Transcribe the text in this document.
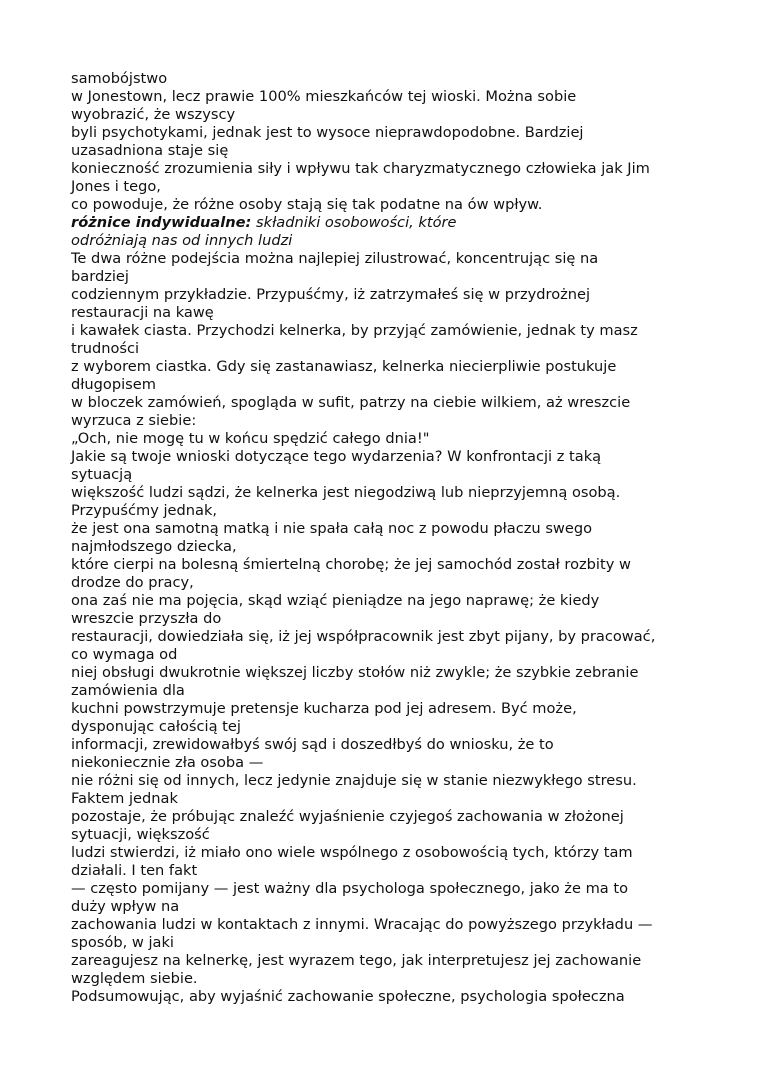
samobójstwo
w Jonestown, lecz prawie 100% mieszkańców tej wioski. Można sobie
wyobrazić, że wszyscy
byli psychotykami, jednak jest to wysoce nieprawdopodobne. Bardziej
uzasadniona staje się
konieczność zrozumienia siły i wpływu tak charyzmatycznego człowieka jak Jim
Jones i tego,
co powoduje, że różne osoby stają się tak podatne na ów wpływ.
różnice indywidualne: składniki osobowości, które
odróżniają nas od innych ludzi
Te dwa różne podejścia można najlepiej zilustrować, koncentrując się na
bardziej
codziennym przykładzie. Przypuśćmy, iż zatrzymałeś się w przydrożnej
restauracji na kawę
i kawałek ciasta. Przychodzi kelnerka, by przyjąć zamówienie, jednak ty masz
trudności
z wyborem ciastka. Gdy się zastanawiasz, kelnerka niecierpliwie postukuje
długopisem
w bloczek zamówień, spogląda w sufit, patrzy na ciebie wilkiem, aż wreszcie
wyrzuca z siebie:
„Och, nie mogę tu w końcu spędzić całego dnia!"
Jakie są twoje wnioski dotyczące tego wydarzenia? W konfrontacji z taką
sytuacją
większość ludzi sądzi, że kelnerka jest niegodziwą lub nieprzyjemną osobą.
Przypuśćmy jednak,
że jest ona samotną matką i nie spała całą noc z powodu płaczu swego
najmłodszego dziecka,
które cierpi na bolesną śmiertelną chorobę; że jej samochód został rozbity w
drodze do pracy,
ona zaś nie ma pojęcia, skąd wziąć pieniądze na jego naprawę; że kiedy
wreszcie przyszła do
restauracji, dowiedziała się, iż jej współpracownik jest zbyt pijany, by pracować,
co wymaga od
niej obsługi dwukrotnie większej liczby stołów niż zwykle; że szybkie zebranie
zamówienia dla
kuchni powstrzymuje pretensje kucharza pod jej adresem. Być może,
dysponując całością tej
informacji, zrewidowałbyś swój sąd i doszedłbyś do wniosku, że to
niekoniecznie zła osoba —
nie różni się od innych, lecz jedynie znajduje się w stanie niezwykłego stresu.
Faktem jednak
pozostaje, że próbując znaleźć wyjaśnienie czyjegoś zachowania w złożonej
sytuacji, większość
ludzi stwierdzi, iż miało ono wiele wspólnego z osobowością tych, którzy tam
działali. I ten fakt
— często pomijany — jest ważny dla psychologa społecznego, jako że ma to
duży wpływ na
zachowania ludzi w kontaktach z innymi. Wracając do powyższego przykładu —
sposób, w jaki
zareagujesz na kelnerkę, jest wyrazem tego, jak interpretujesz jej zachowanie
względem siebie.
Podsumowując, aby wyjaśnić zachowanie społeczne, psychologia społeczna
